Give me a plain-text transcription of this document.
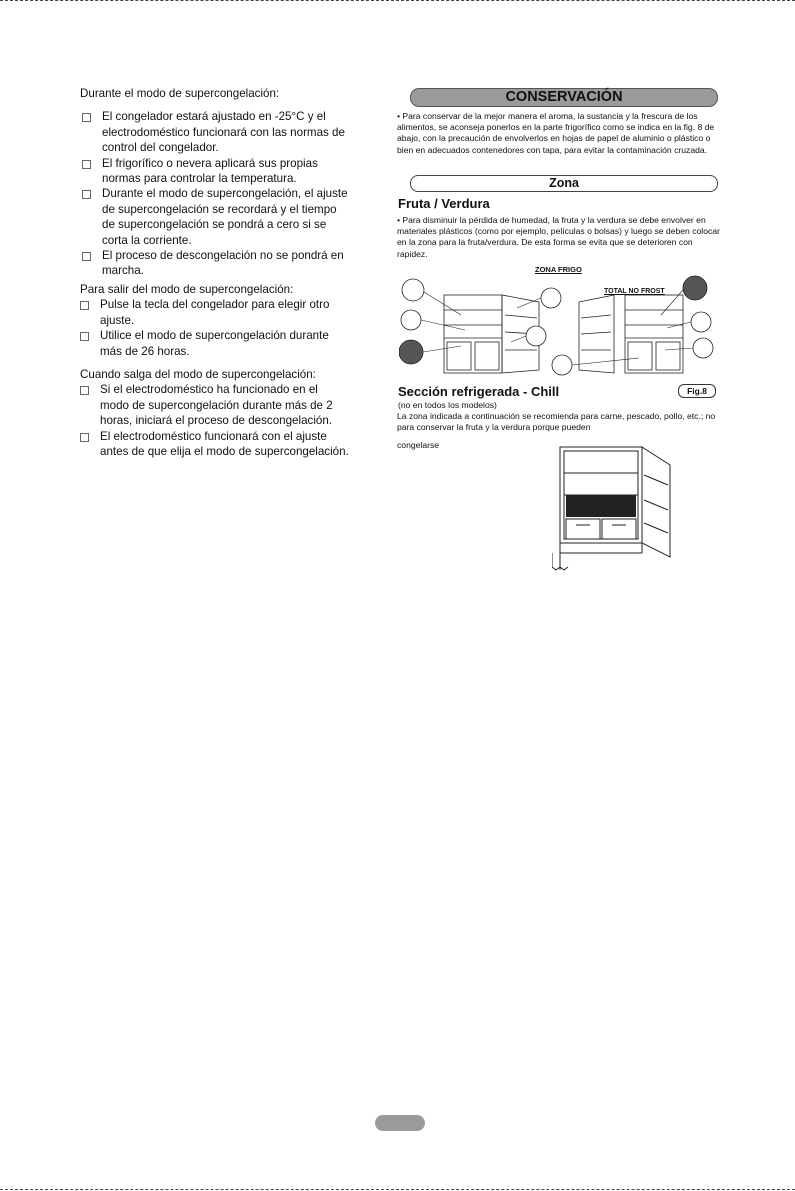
Durante el modo de supercongelación:

El congelador estará ajustado en -25°C y el electrodoméstico funcionará con las normas de control del congelador.
El frigorífico o nevera aplicará sus propias normas para controlar la temperatura.
Durante el modo de supercongelación, el ajuste de supercongelación se recordará y el tiempo de supercongelación se pondrá a cero si se corta la corriente.
El proceso de descongelación no se pondrá en marcha.

Para salir del modo de supercongelación:

Pulse la tecla del congelador para elegir otro ajuste.
Utilice el modo de supercongelación durante más de 26 horas.

Cuando salga del modo de supercongelación:

Si el electrodoméstico ha funcionado en el modo de supercongelación durante más de 2 horas, iniciará el proceso de descongelación.
El electrodoméstico funcionará con el ajuste antes de que elija el modo de supercongelación.
CONSERVACIÓN
• Para conservar de la mejor manera el aroma, la sustancia y la frescura de los alimentos, se aconseja ponerlos en la parte frigorífico como se indica en la fig. 8 de abajo, con la precaución de envolverlos en hojas de papel de aluminio o plástico o bien en adecuados contenedores con tapa, para evitar la contaminación cruzada.
Zona
Fruta / Verdura
• Para disminuir la pérdida de humedad, la fruta y la verdura se debe envolver en materiales plásticos (como por ejemplo, películas o bolsas) y luego se deben colocar en la zona para la fruta/verdura. De esta forma se evita que se deterioren con rapidez.
ZONA FRIGO
TOTAL NO FROST
Sección refrigerada - Chill	Fig.8
(no en todos los modelos)
La zona indicada a continuación se recomienda para carne, pescado, pollo, etc.; no para conservar la fruta y la verdura porque pueden
congelarse
